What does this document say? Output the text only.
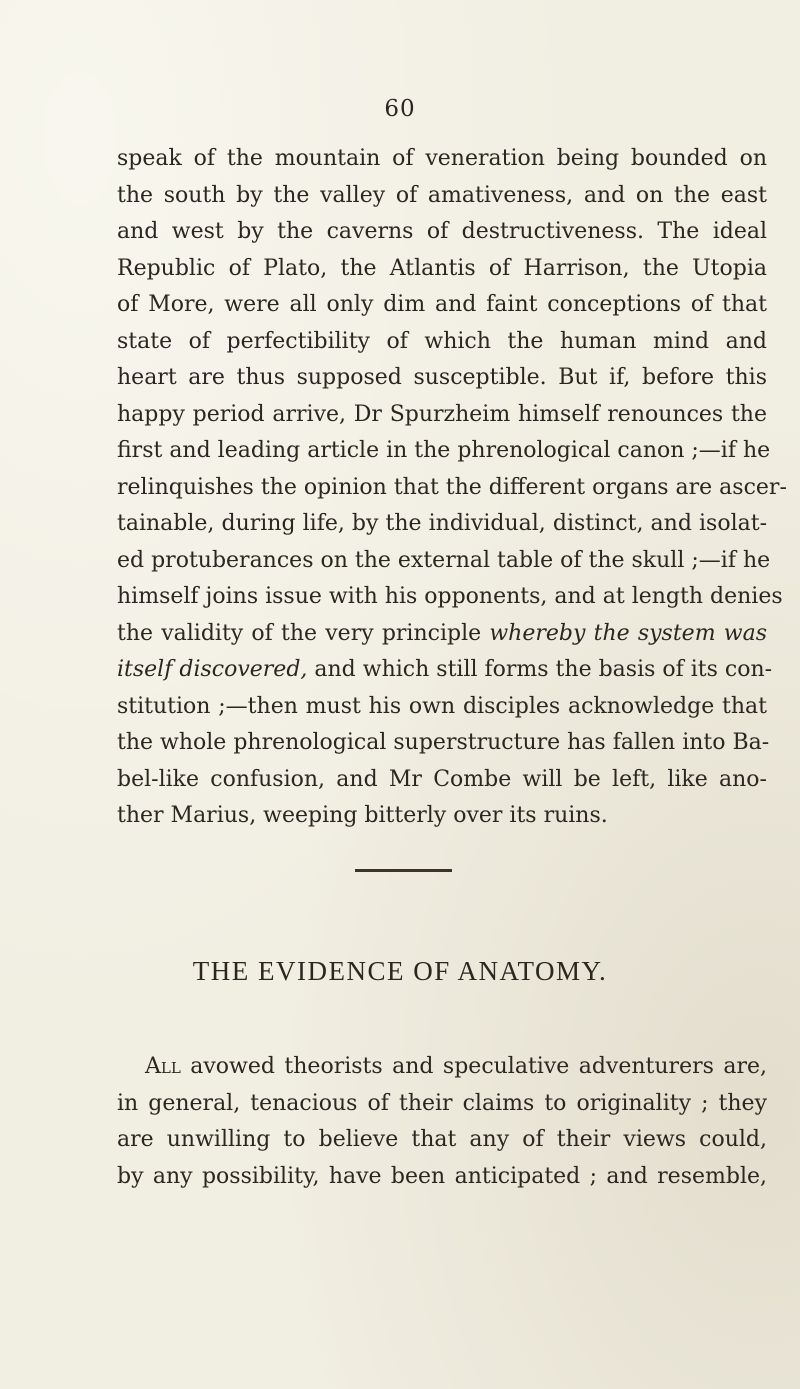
60
speak of the mountain of veneration being bounded on
the south by the valley of amativeness, and on the east
and west by the caverns of destructiveness. The ideal
Republic of Plato, the Atlantis of Harrison, the Utopia
of More, were all only dim and faint conceptions of that
state of perfectibility of which the human mind and
heart are thus supposed susceptible. But if, before this
happy period arrive, Dr Spurzheim himself renounces the
first and leading article in the phrenological canon ;—if he
relinquishes the opinion that the different organs are ascer-
tainable, during life, by the individual, distinct, and isolat-
ed protuberances on the external table of the skull ;—if he
himself joins issue with his opponents, and at length denies
the validity of the very principle whereby the system was
itself discovered, and which still forms the basis of its con-
stitution ;—then must his own disciples acknowledge that
the whole phrenological superstructure has fallen into Ba-
bel-like confusion, and Mr Combe will be left, like ano-
ther Marius, weeping bitterly over its ruins.
THE EVIDENCE OF ANATOMY.
All avowed theorists and speculative adventurers are,
in general, tenacious of their claims to originality ; they
are unwilling to believe that any of their views could,
by any possibility, have been anticipated ; and resemble,
